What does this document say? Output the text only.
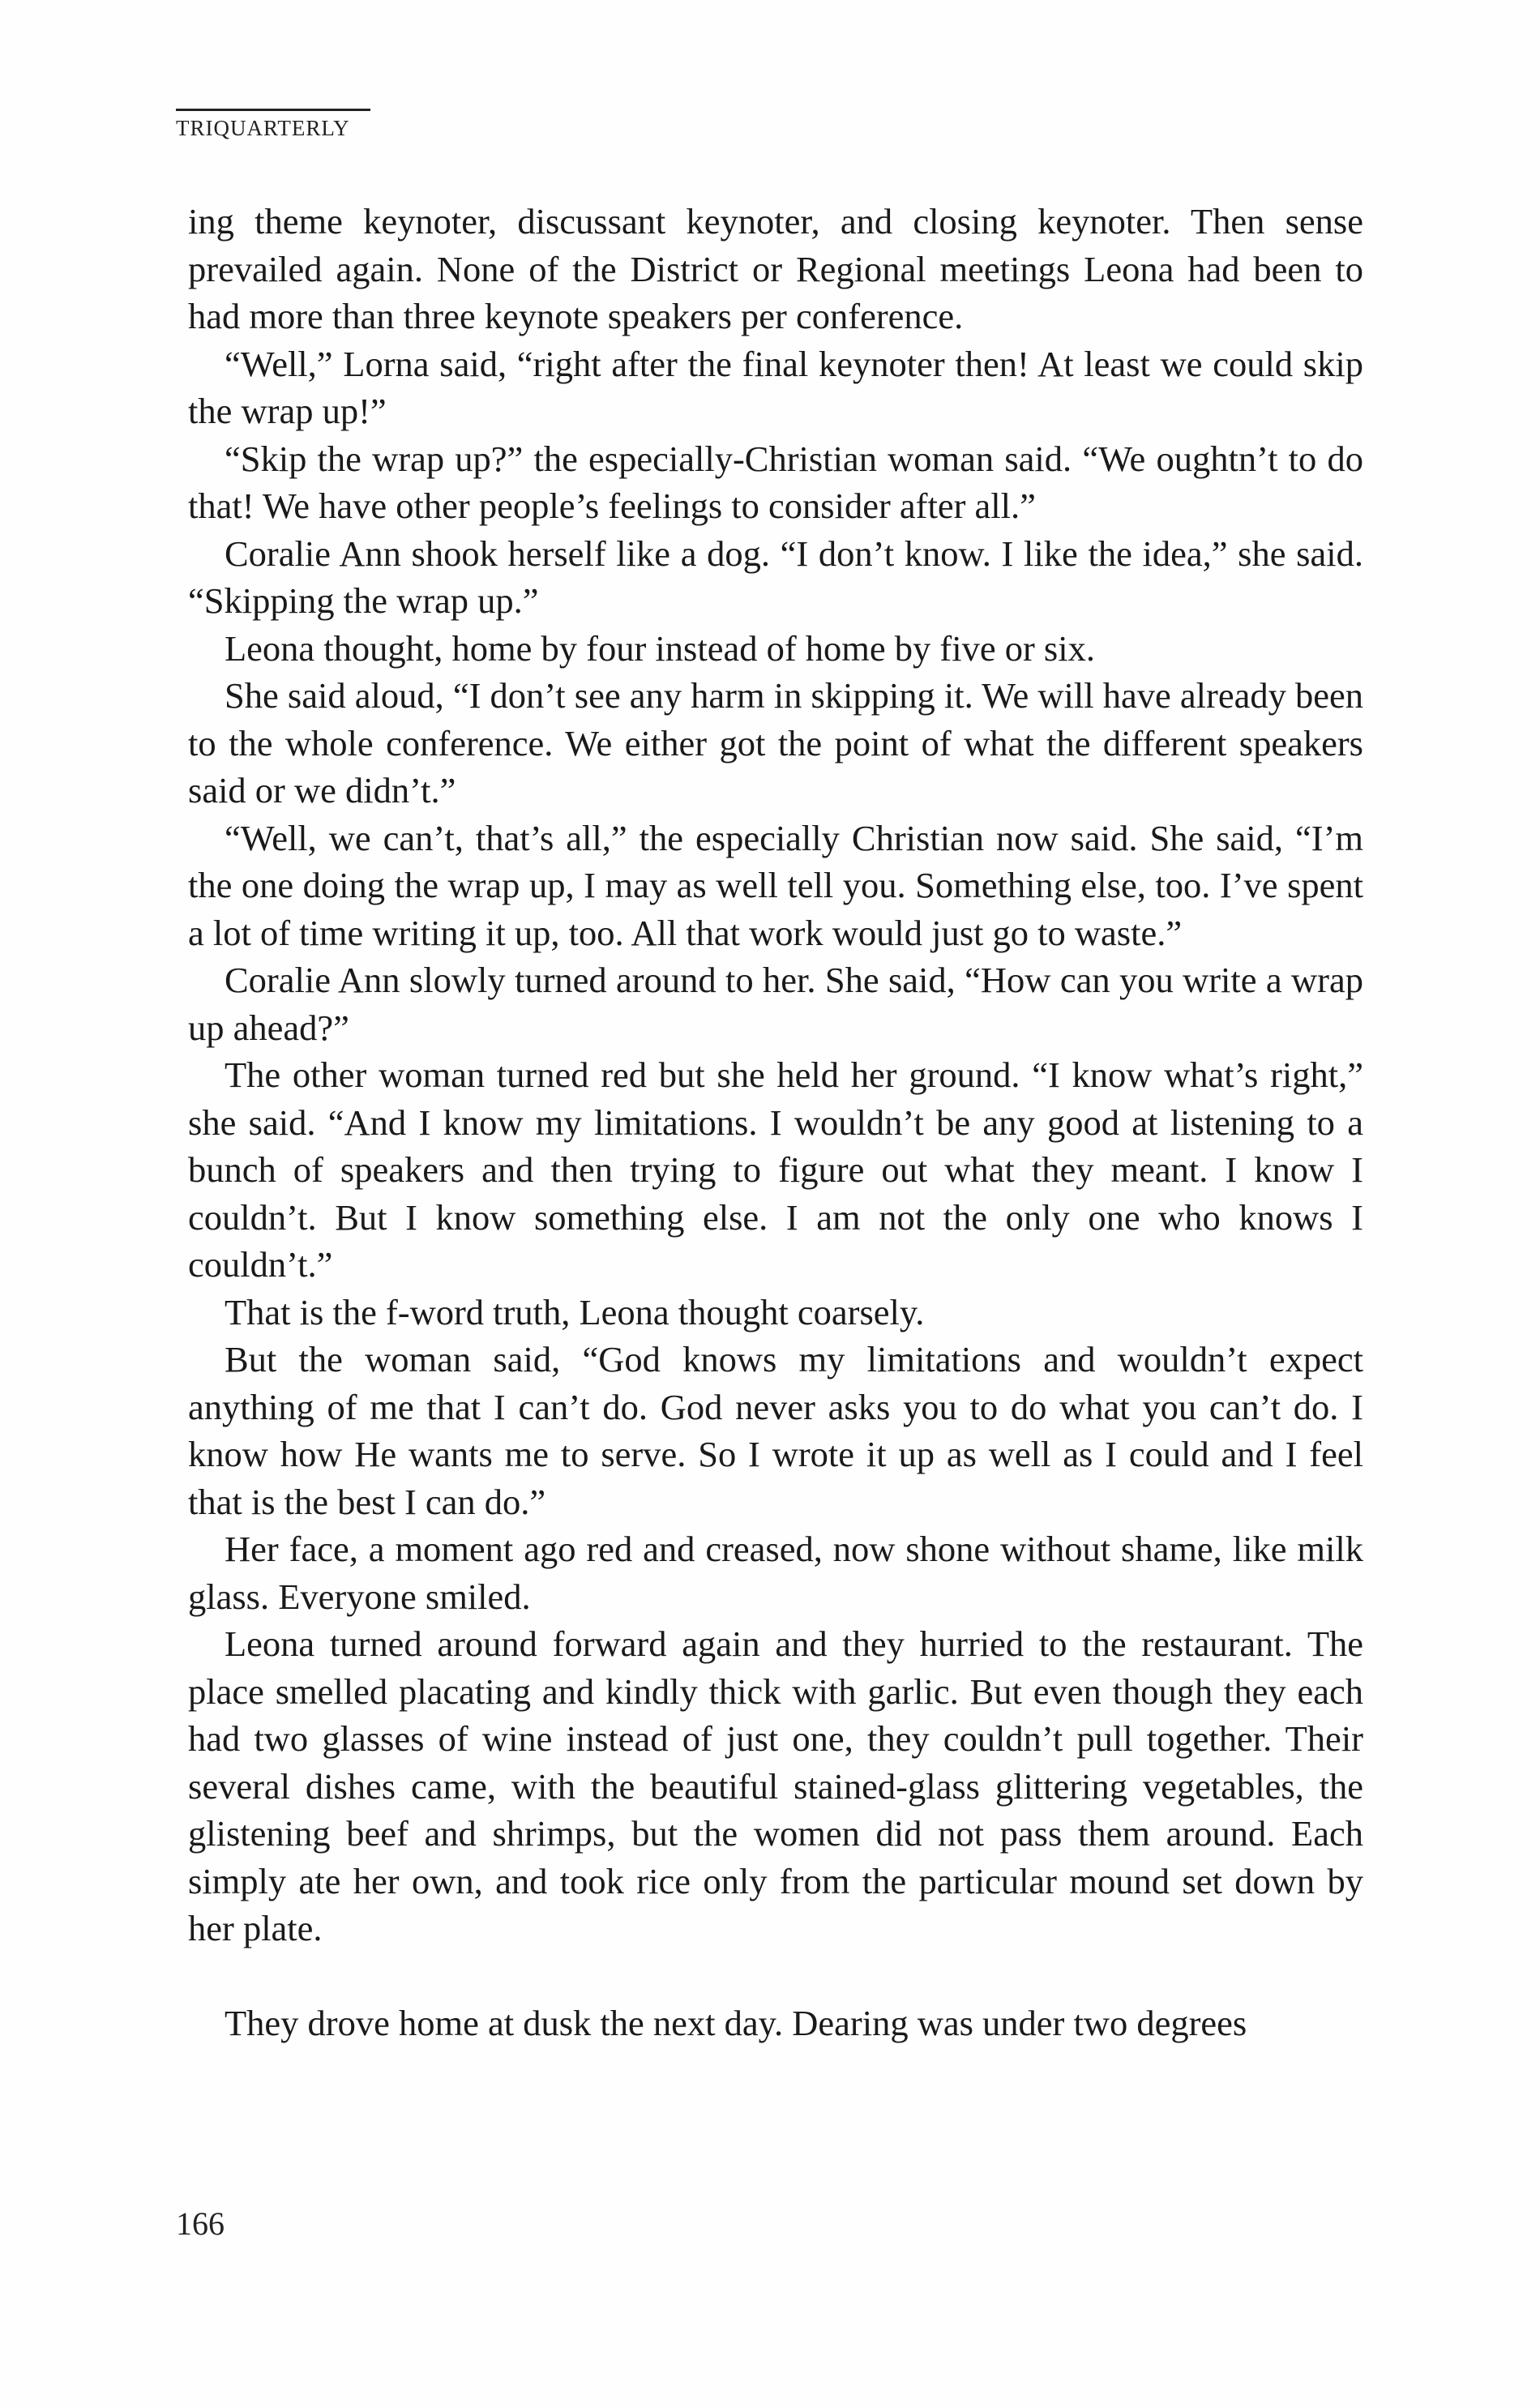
TRIQUARTERLY

ing theme keynoter, discussant keynoter, and closing keynoter. Then sense prevailed again. None of the District or Regional meetings Leona had been to had more than three keynote speakers per conference.

“Well,” Lorna said, “right after the final keynoter then! At least we could skip the wrap up!”

“Skip the wrap up?” the especially-Christian woman said. “We oughtn’t to do that! We have other people’s feelings to consider after all.”

Coralie Ann shook herself like a dog. “I don’t know. I like the idea,” she said. “Skipping the wrap up.”

Leona thought, home by four instead of home by five or six.

She said aloud, “I don’t see any harm in skipping it. We will have already been to the whole conference. We either got the point of what the different speakers said or we didn’t.”

“Well, we can’t, that’s all,” the especially Christian now said. She said, “I’m the one doing the wrap up, I may as well tell you. Something else, too. I’ve spent a lot of time writing it up, too. All that work would just go to waste.”

Coralie Ann slowly turned around to her. She said, “How can you write a wrap up ahead?”

The other woman turned red but she held her ground. “I know what’s right,” she said. “And I know my limitations. I wouldn’t be any good at listening to a bunch of speakers and then trying to figure out what they meant. I know I couldn’t. But I know something else. I am not the only one who knows I couldn’t.”

That is the f-word truth, Leona thought coarsely.

But the woman said, “God knows my limitations and wouldn’t expect anything of me that I can’t do. God never asks you to do what you can’t do. I know how He wants me to serve. So I wrote it up as well as I could and I feel that is the best I can do.”

Her face, a moment ago red and creased, now shone without shame, like milk glass. Everyone smiled.

Leona turned around forward again and they hurried to the restaurant. The place smelled placating and kindly thick with garlic. But even though they each had two glasses of wine instead of just one, they couldn’t pull together. Their several dishes came, with the beautiful stained-glass glittering vegetables, the glistening beef and shrimps, but the women did not pass them around. Each simply ate her own, and took rice only from the particular mound set down by her plate.

They drove home at dusk the next day. Dearing was under two degrees

166
